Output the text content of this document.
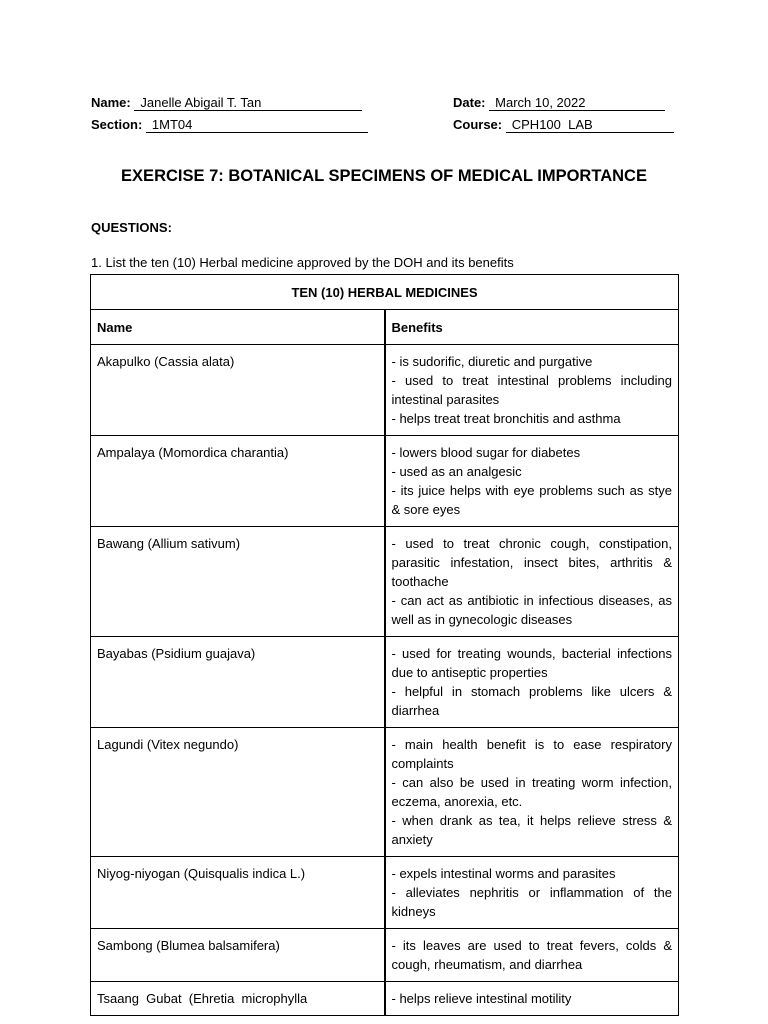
Name: Janelle Abigail T. Tan
Section: 1MT04
Date: March 10, 2022
Course: CPH100  LAB
EXERCISE 7: BOTANICAL SPECIMENS OF MEDICAL IMPORTANCE
QUESTIONS:
1. List the ten (10) Herbal medicine approved by the DOH and its benefits
TEN (10) HERBAL MEDICINES	
Name	Benefits
Akapulko (Cassia alata)	- is sudorific, diuretic and purgative
- used to treat intestinal problems including intestinal parasites
- helps treat treat bronchitis and asthma

Ampalaya (Momordica charantia)	- lowers blood sugar for diabetes
- used as an analgesic
- its juice helps with eye problems such as stye & sore eyes

Bawang (Allium sativum)	- used to treat chronic cough, constipation, parasitic infestation, insect bites, arthritis & toothache
- can act as antibiotic in infectious diseases, as well as in gynecologic diseases

Bayabas (Psidium guajava)	- used for treating wounds, bacterial infections due to antiseptic properties
- helpful in stomach problems like ulcers & diarrhea

Lagundi (Vitex negundo)	- main health benefit is to ease respiratory complaints
- can also be used in treating worm infection, eczema, anorexia, etc.
- when drank as tea, it helps relieve stress & anxiety

Niyog-niyogan (Quisqualis indica L.)	- expels intestinal worms and parasites
- alleviates nephritis or inflammation of the kidneys

Sambong (Blumea balsamifera)	- its leaves are used to treat fevers, colds & cough, rheumatism, and diarrhea

Tsaang  Gubat  (Ehretia  microphylla	- helps relieve intestinal motility
